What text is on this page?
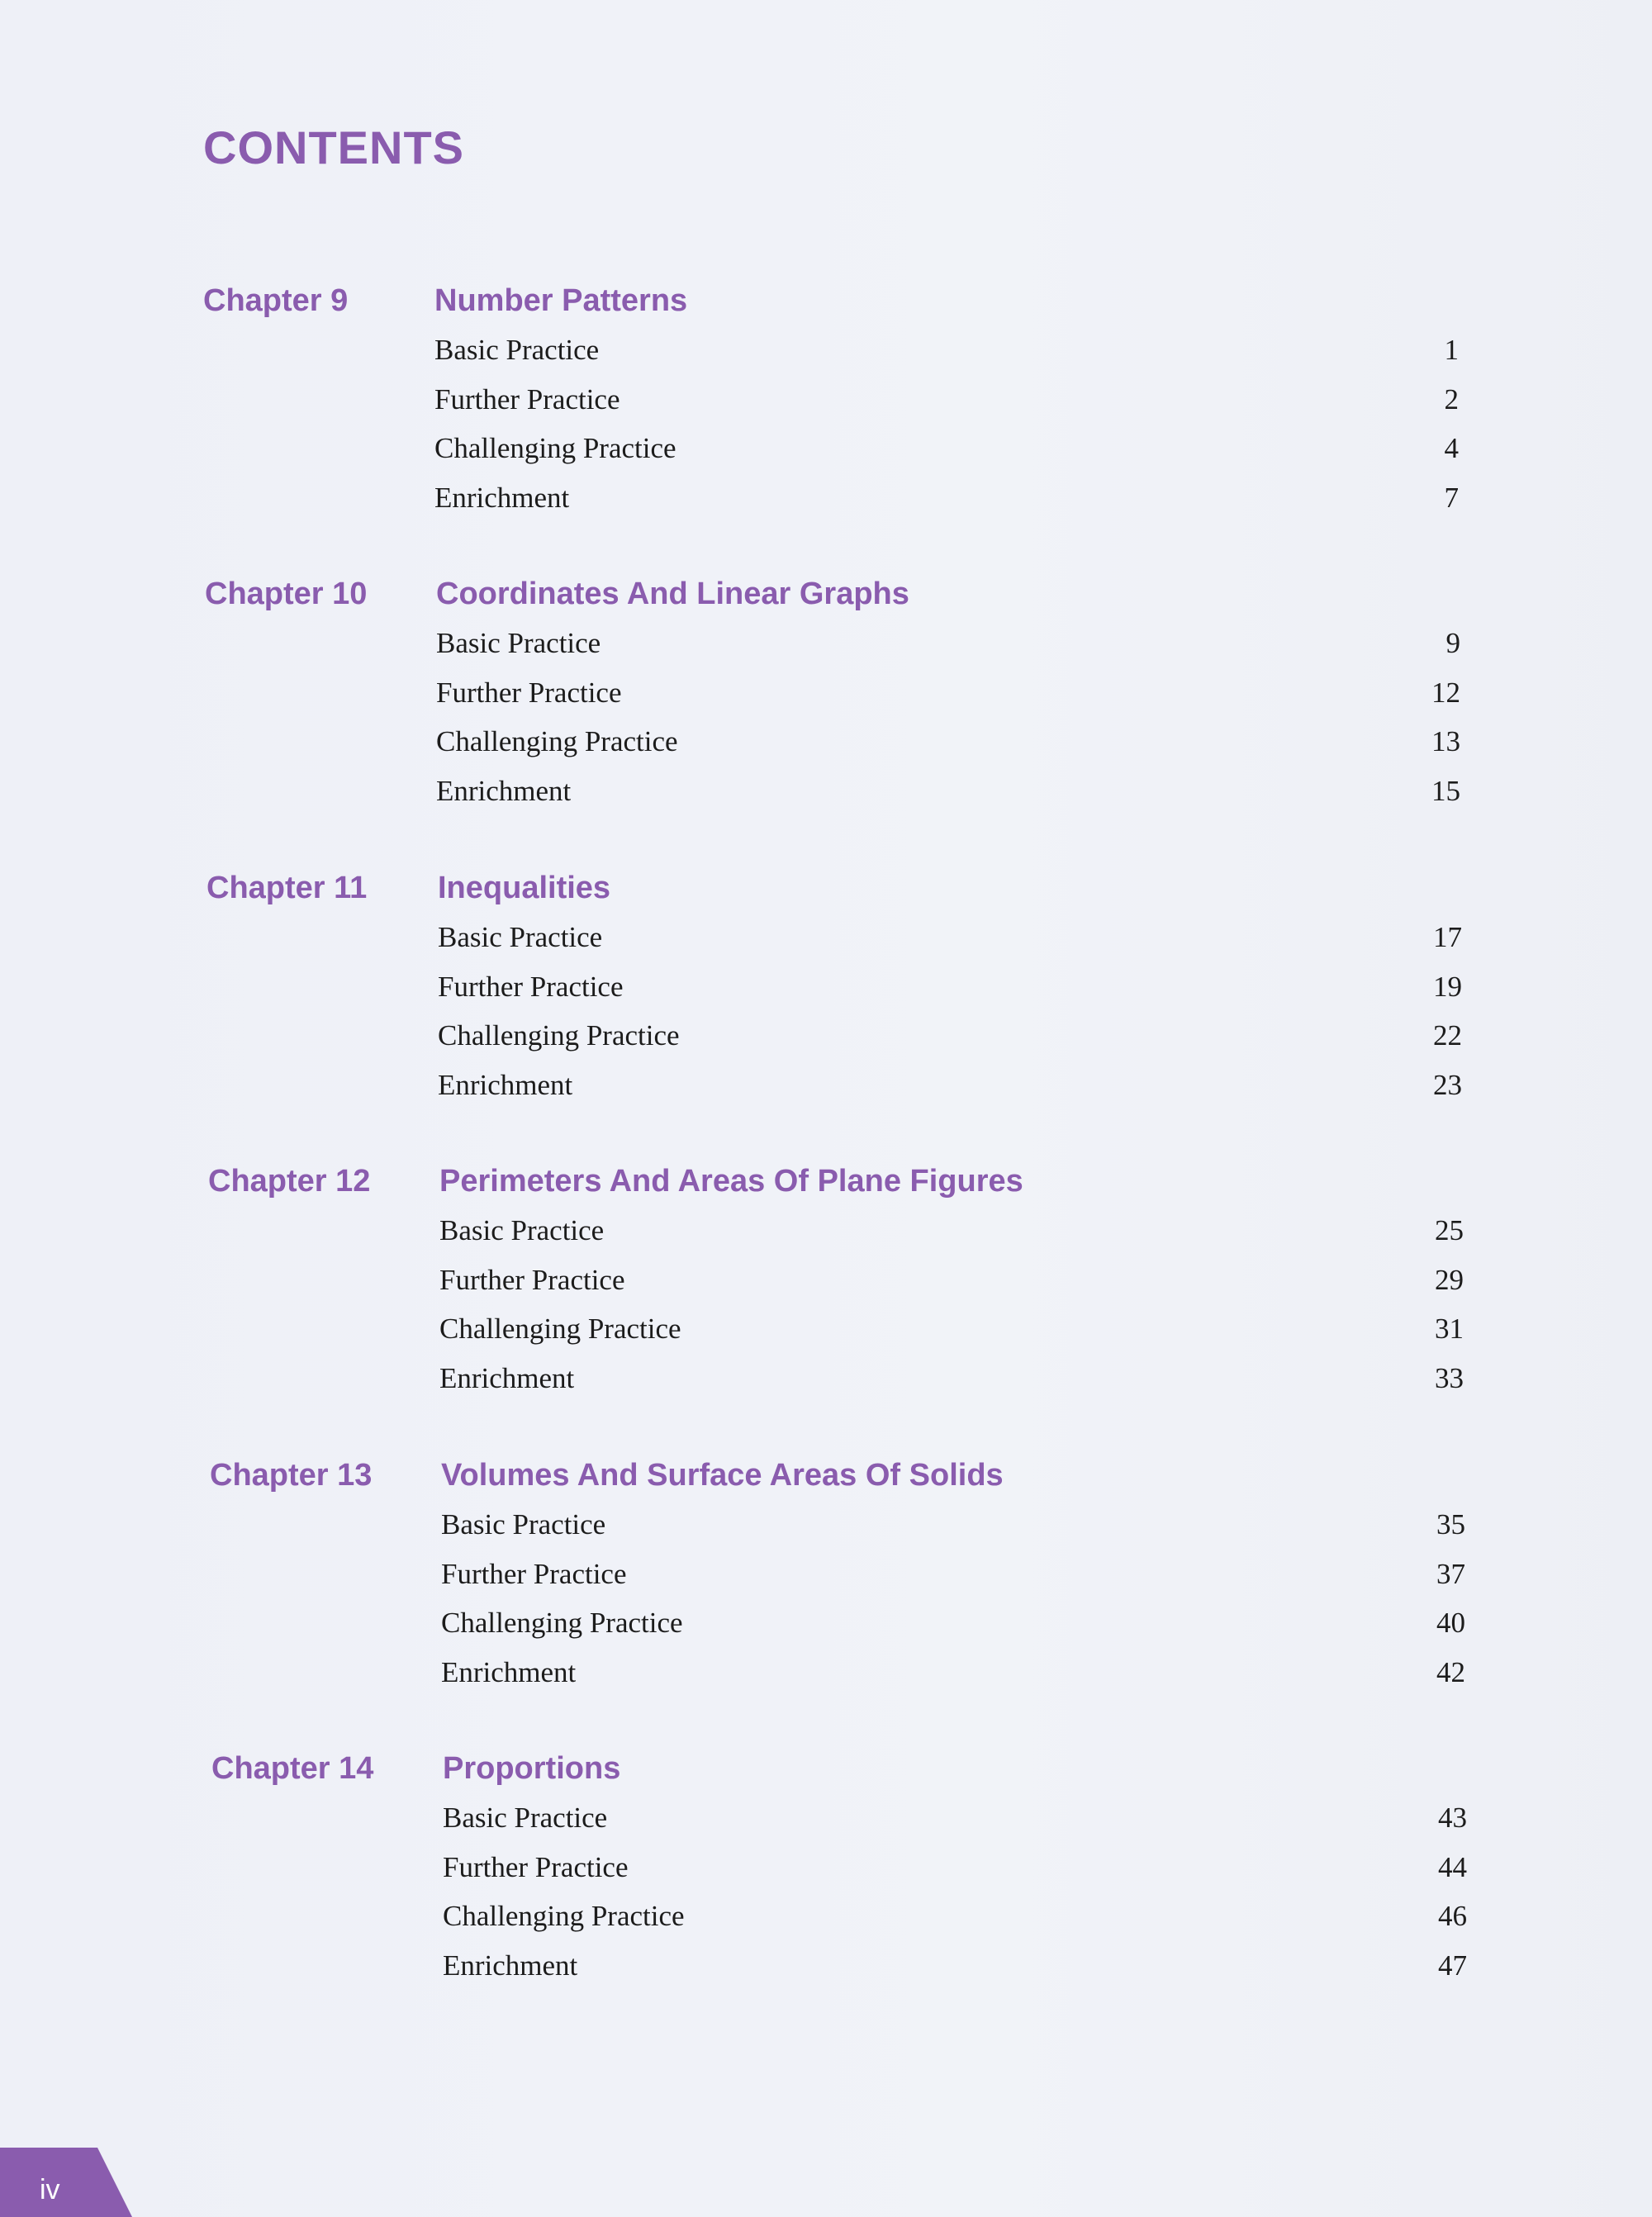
CONTENTS
Chapter 9	Number Patterns
Basic Practice	1
Further Practice	2
Challenging Practice	4
Enrichment	7
Chapter 10 Coordinates And Linear Graphs
Basic Practice	9
Further Practice	12
Challenging Practice	13
Enrichment	15
Chapter 11 Inequalities
Basic Practice	17
Further Practice	19
Challenging Practice	22
Enrichment	23
Chapter 12 Perimeters And Areas Of Plane Figures
Basic Practice	25
Further Practice	29
Challenging Practice	31
Enrichment	33
Chapter 13 Volumes And Surface Areas Of Solids
Basic Practice	35
Further Practice	37
Challenging Practice	40
Enrichment	42
Chapter 14 Proportions
Basic Practice	43
Further Practice	44
Challenging Practice	46
Enrichment	47
iv
